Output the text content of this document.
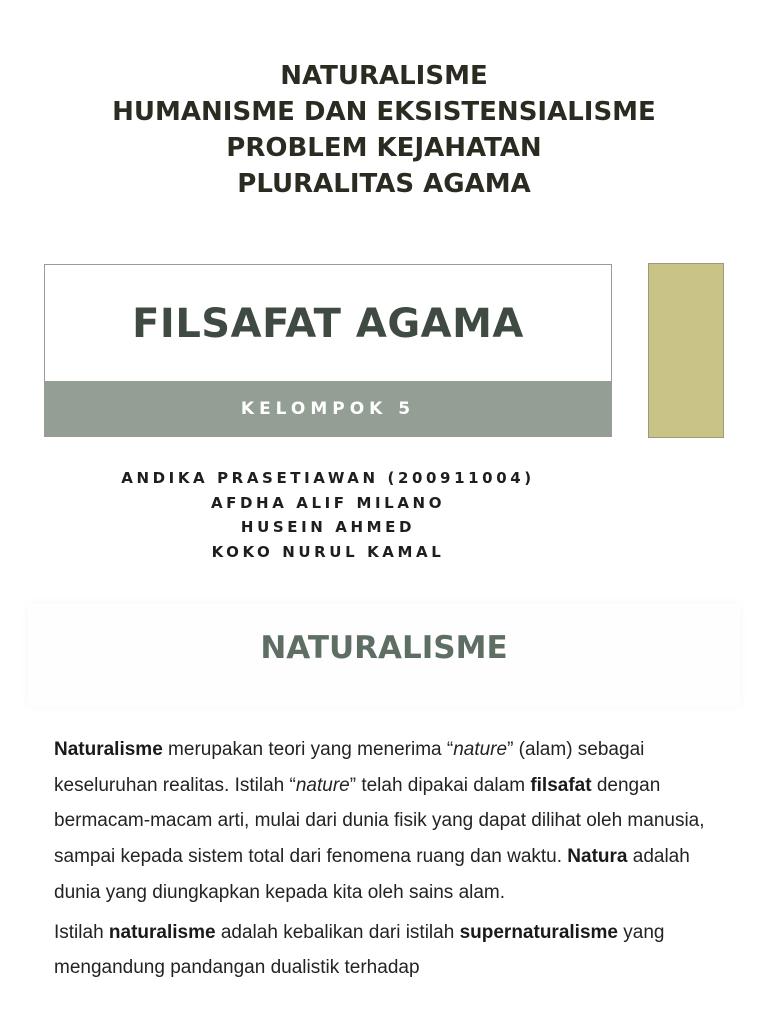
NATURALISME
HUMANISME DAN EKSISTENSIALISME
PROBLEM KEJAHATAN
PLURALITAS AGAMA
FILSAFAT AGAMA
KELOMPOK 5
ANDIKA PRASETIAWAN (200911004)
AFDHA ALIF MILANO
HUSEIN AHMED
KOKO NURUL KAMAL
NATURALISME

Naturalisme merupakan teori yang menerima “nature” (alam) sebagai keseluruhan realitas. Istilah “nature” telah dipakai dalam filsafat dengan bermacam-macam arti, mulai dari dunia fisik yang dapat dilihat oleh manusia, sampai kepada sistem total dari fenomena ruang dan waktu. Natura adalah dunia yang diungkapkan kepada kita oleh sains alam.

Istilah naturalisme adalah kebalikan dari istilah supernaturalisme yang mengandung pandangan dualistik terhadap
